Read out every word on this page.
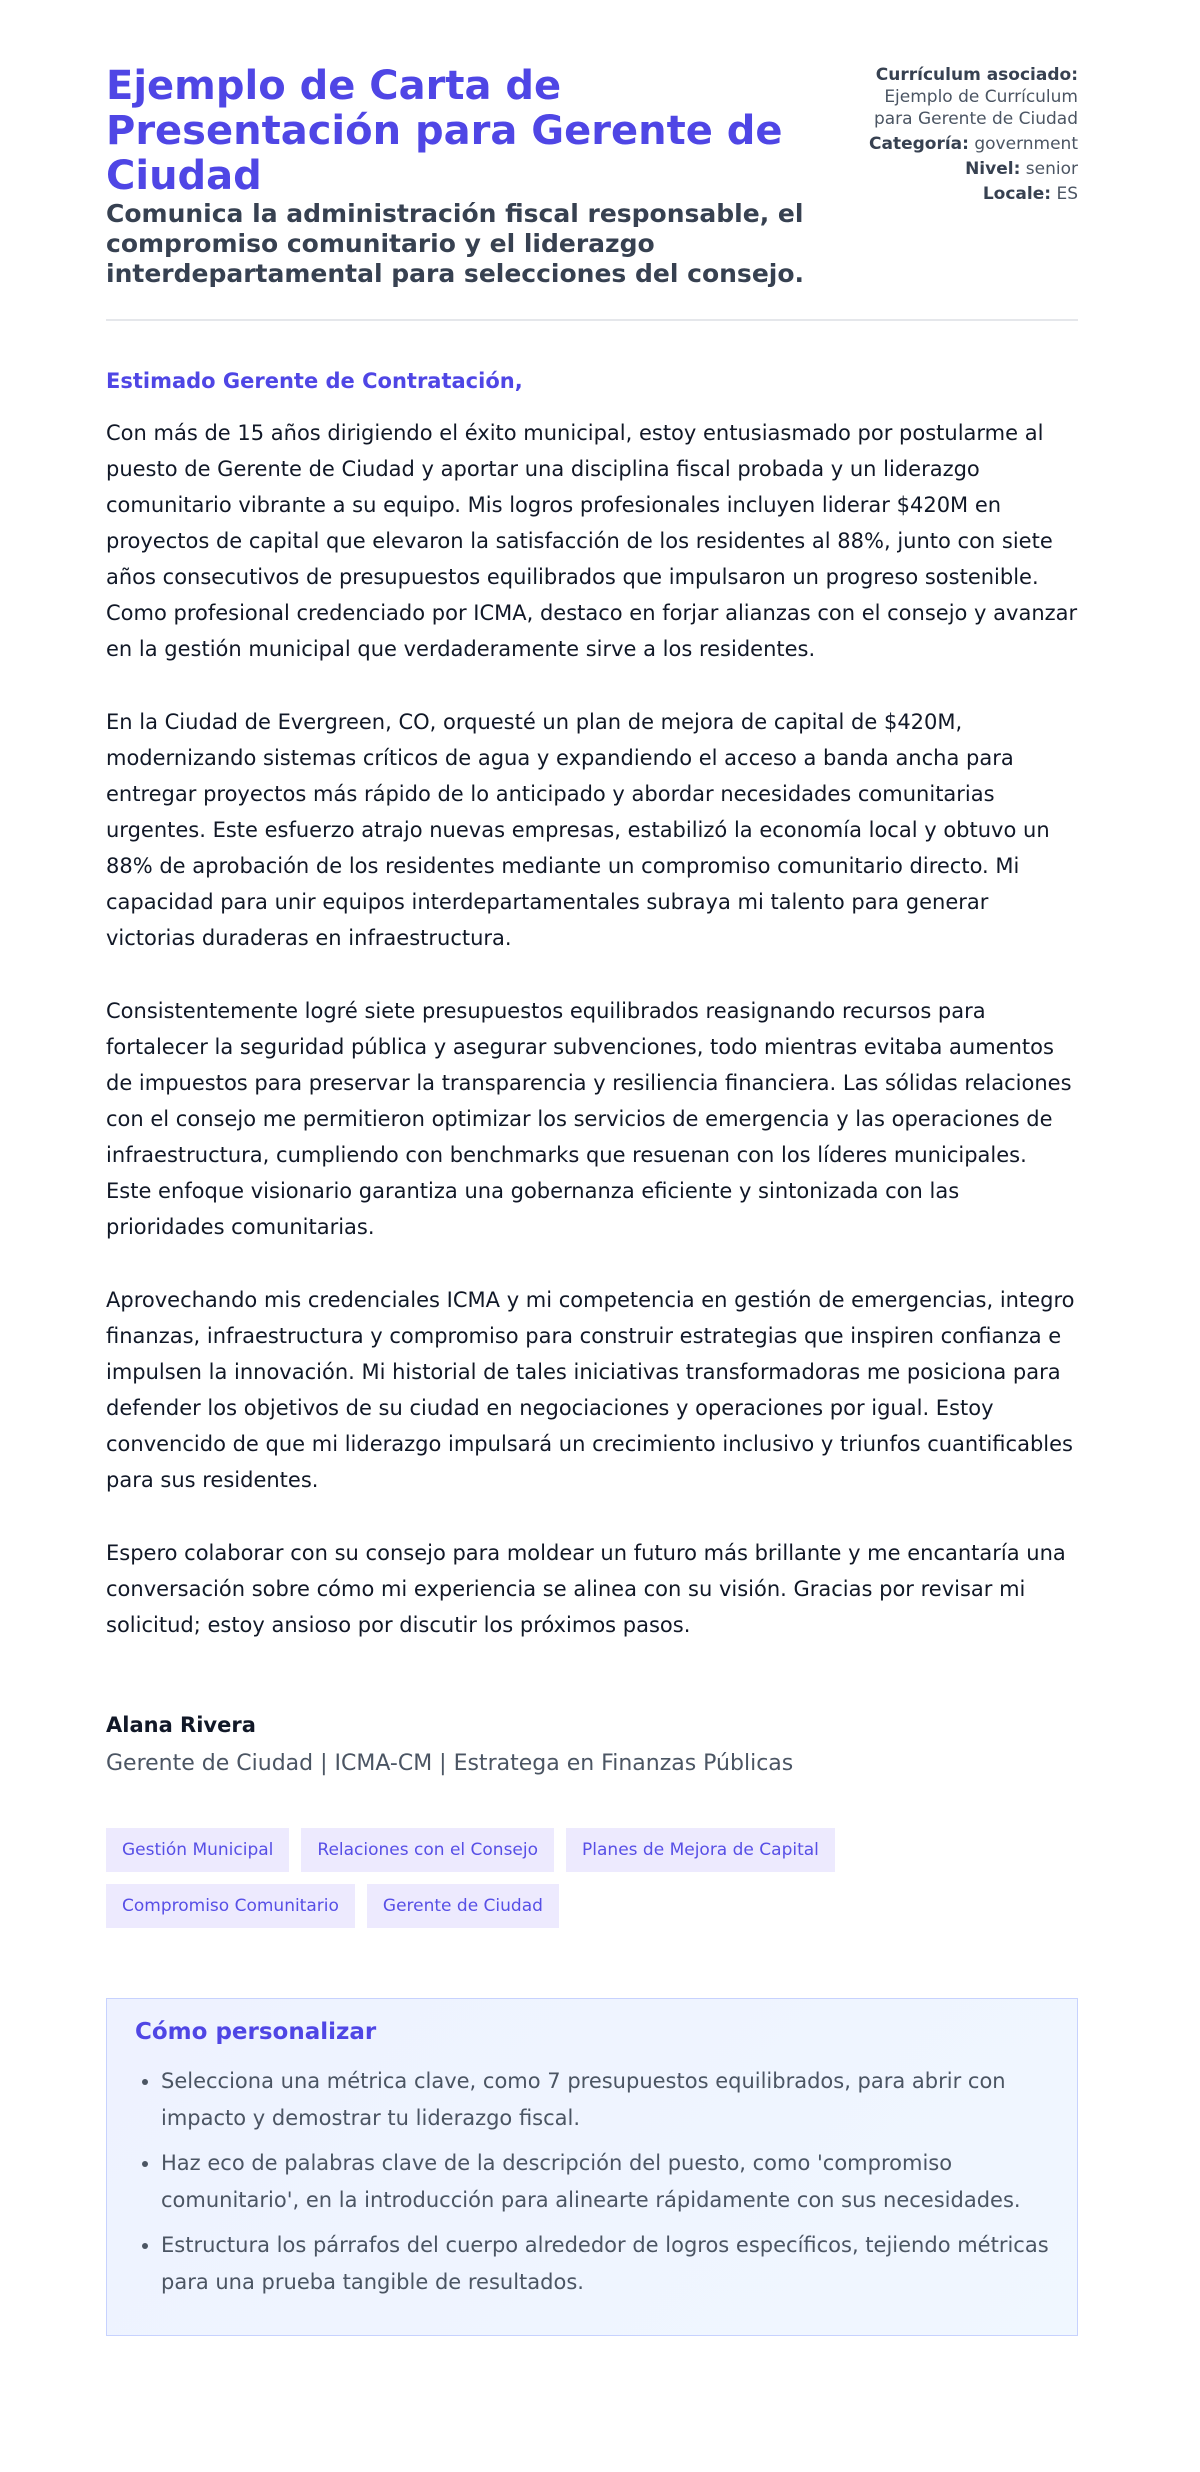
Ejemplo de Carta de Presentación para Gerente de Ciudad

Comunica la administración fiscal responsable, el compromiso comunitario y el liderazgo interdepartamental para selecciones del consejo.

Currículum asociado:
Ejemplo de Currículum para Gerente de Ciudad
Categoría: government
Nivel: senior
Locale: ES
Estimado Gerente de Contratación,

Con más de 15 años dirigiendo el éxito municipal, estoy entusiasmado por postularme al puesto de Gerente de Ciudad y aportar una disciplina fiscal probada y un liderazgo comunitario vibrante a su equipo. Mis logros profesionales incluyen liderar $420M en proyectos de capital que elevaron la satisfacción de los residentes al 88%, junto con siete años consecutivos de presupuestos equilibrados que impulsaron un progreso sostenible. Como profesional credenciado por ICMA, destaco en forjar alianzas con el consejo y avanzar en la gestión municipal que verdaderamente sirve a los residentes.

En la Ciudad de Evergreen, CO, orquesté un plan de mejora de capital de $420M, modernizando sistemas críticos de agua y expandiendo el acceso a banda ancha para entregar proyectos más rápido de lo anticipado y abordar necesidades comunitarias urgentes. Este esfuerzo atrajo nuevas empresas, estabilizó la economía local y obtuvo un 88% de aprobación de los residentes mediante un compromiso comunitario directo. Mi capacidad para unir equipos interdepartamentales subraya mi talento para generar victorias duraderas en infraestructura.

Consistentemente logré siete presupuestos equilibrados reasignando recursos para fortalecer la seguridad pública y asegurar subvenciones, todo mientras evitaba aumentos de impuestos para preservar la transparencia y resiliencia financiera. Las sólidas relaciones con el consejo me permitieron optimizar los servicios de emergencia y las operaciones de infraestructura, cumpliendo con benchmarks que resuenan con los líderes municipales. Este enfoque visionario garantiza una gobernanza eficiente y sintonizada con las prioridades comunitarias.

Aprovechando mis credenciales ICMA y mi competencia en gestión de emergencias, integro finanzas, infraestructura y compromiso para construir estrategias que inspiren confianza e impulsen la innovación. Mi historial de tales iniciativas transformadoras me posiciona para defender los objetivos de su ciudad en negociaciones y operaciones por igual. Estoy convencido de que mi liderazgo impulsará un crecimiento inclusivo y triunfos cuantificables para sus residentes.

Espero colaborar con su consejo para moldear un futuro más brillante y me encantaría una conversación sobre cómo mi experiencia se alinea con su visión. Gracias por revisar mi solicitud; estoy ansioso por discutir los próximos pasos.

Alana Rivera
Gerente de Ciudad | ICMA-CM | Estratega en Finanzas Públicas
Gestión Municipal	Relaciones con el Consejo	Planes de Mejora de Capital
Compromiso Comunitario	Gerente de Ciudad
Cómo personalizar
• Selecciona una métrica clave, como 7 presupuestos equilibrados, para abrir con impacto y demostrar tu liderazgo fiscal.
• Haz eco de palabras clave de la descripción del puesto, como 'compromiso comunitario', en la introducción para alinearte rápidamente con sus necesidades.
• Estructura los párrafos del cuerpo alrededor de logros específicos, tejiendo métricas para una prueba tangible de resultados.
